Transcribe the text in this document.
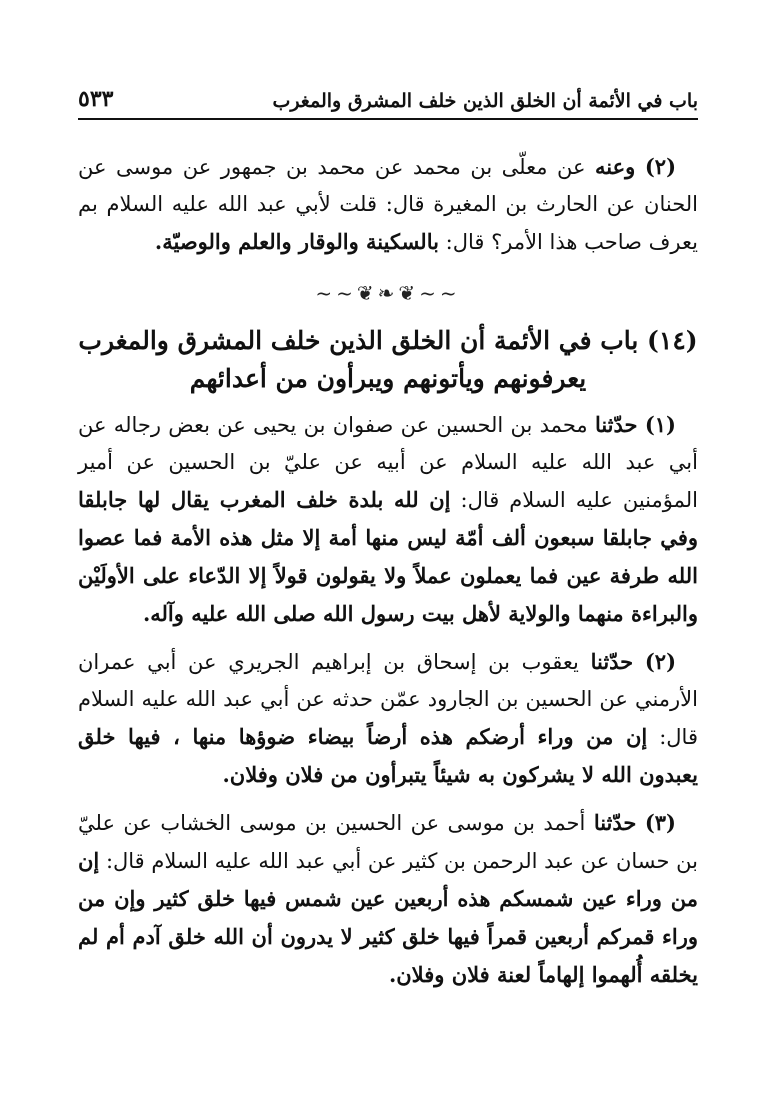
باب في الأئمة أن الخلق الذين خلف المشرق والمغرب
٥٣٣

(٢) وعنه عن معلّى بن محمد عن محمد بن جمهور عن موسى عن الحنان عن الحارث بن المغيرة قال: قلت لأبي عبد الله عليه السلام بم يعرف صاحب هذا الأمر؟ قال: بالسكينة والوقار والعلم والوصيّة.

~~❦❧❦~~
(١٤) باب في الأئمة أن الخلق الذين خلف المشرق والمغرب
يعرفونهم ويأتونهم ويبرأون من أعدائهم

(١) حدّثنا محمد بن الحسين عن صفوان بن يحيى عن بعض رجاله عن أبي عبد الله عليه السلام عن أبيه عن عليّ بن الحسين عن أمير المؤمنين عليه السلام قال: إن لله بلدة خلف المغرب يقال لها جابلقا وفي جابلقا سبعون ألف أمّة ليس منها أمة إلا مثل هذه الأمة فما عصوا الله طرفة عين فما يعملون عملاً ولا يقولون قولاً إلا الدّعاء على الأولَيْن والبراءة منهما والولاية لأهل بيت رسول الله صلى الله عليه وآله.

(٢) حدّثنا يعقوب بن إسحاق بن إبراهيم الجريري عن أبي عمران الأرمني عن الحسين بن الجارود عمّن حدثه عن أبي عبد الله عليه السلام قال: إن من وراء أرضكم هذه أرضاً بيضاء ضوؤها منها ، فيها خلق يعبدون الله لا يشركون به شيئاً يتبرأون من فلان وفلان.

(٣) حدّثنا أحمد بن موسى عن الحسين بن موسى الخشاب عن عليّ بن حسان عن عبد الرحمن بن كثير عن أبي عبد الله عليه السلام قال: إن من وراء عين شمسكم هذه أربعين عين شمس فيها خلق كثير وإن من وراء قمركم أربعين قمراً فيها خلق كثير لا يدرون أن الله خلق آدم أم لم يخلقه أُلهموا إلهاماً لعنة فلان وفلان.
